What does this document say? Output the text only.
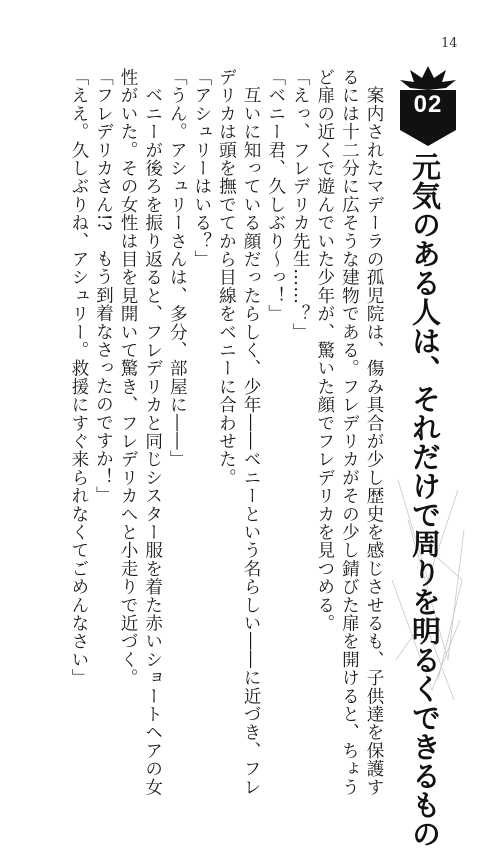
14
02
元気のある人は、それだけで周りを明るくできるもの

　案内されたマデーラの孤児院は、傷み具合が少し歴史を感じさせるも、子供達を保護す

るには十二分に広そうな建物である。フレデリカがその少し錆びた扉を開けると、ちょう

ど扉の近くで遊んでいた少年が、驚いた顔でフレデリカを見つめる。

「えっ、フレデリカ先生……？」

「ベニー君、久しぶり～っ！」

　互いに知っている顔だったらしく、少年――ベニーという名らしい――に近づき、フレ

デリカは頭を撫でてから目線をベニーに合わせた。

「アシュリーはいる？」

「うん。アシュリーさんは、多分、部屋に――」

　ベニーが後ろを振り返ると、フレデリカと同じシスター服を着た赤いショートヘアの女

性がいた。その女性は目を見開いて驚き、フレデリカへと小走りで近づく。

「フレデリカさん!?　もう到着なさったのですか！」

「ええ。久しぶりね、アシュリー。救援にすぐ来られなくてごめんなさい」
